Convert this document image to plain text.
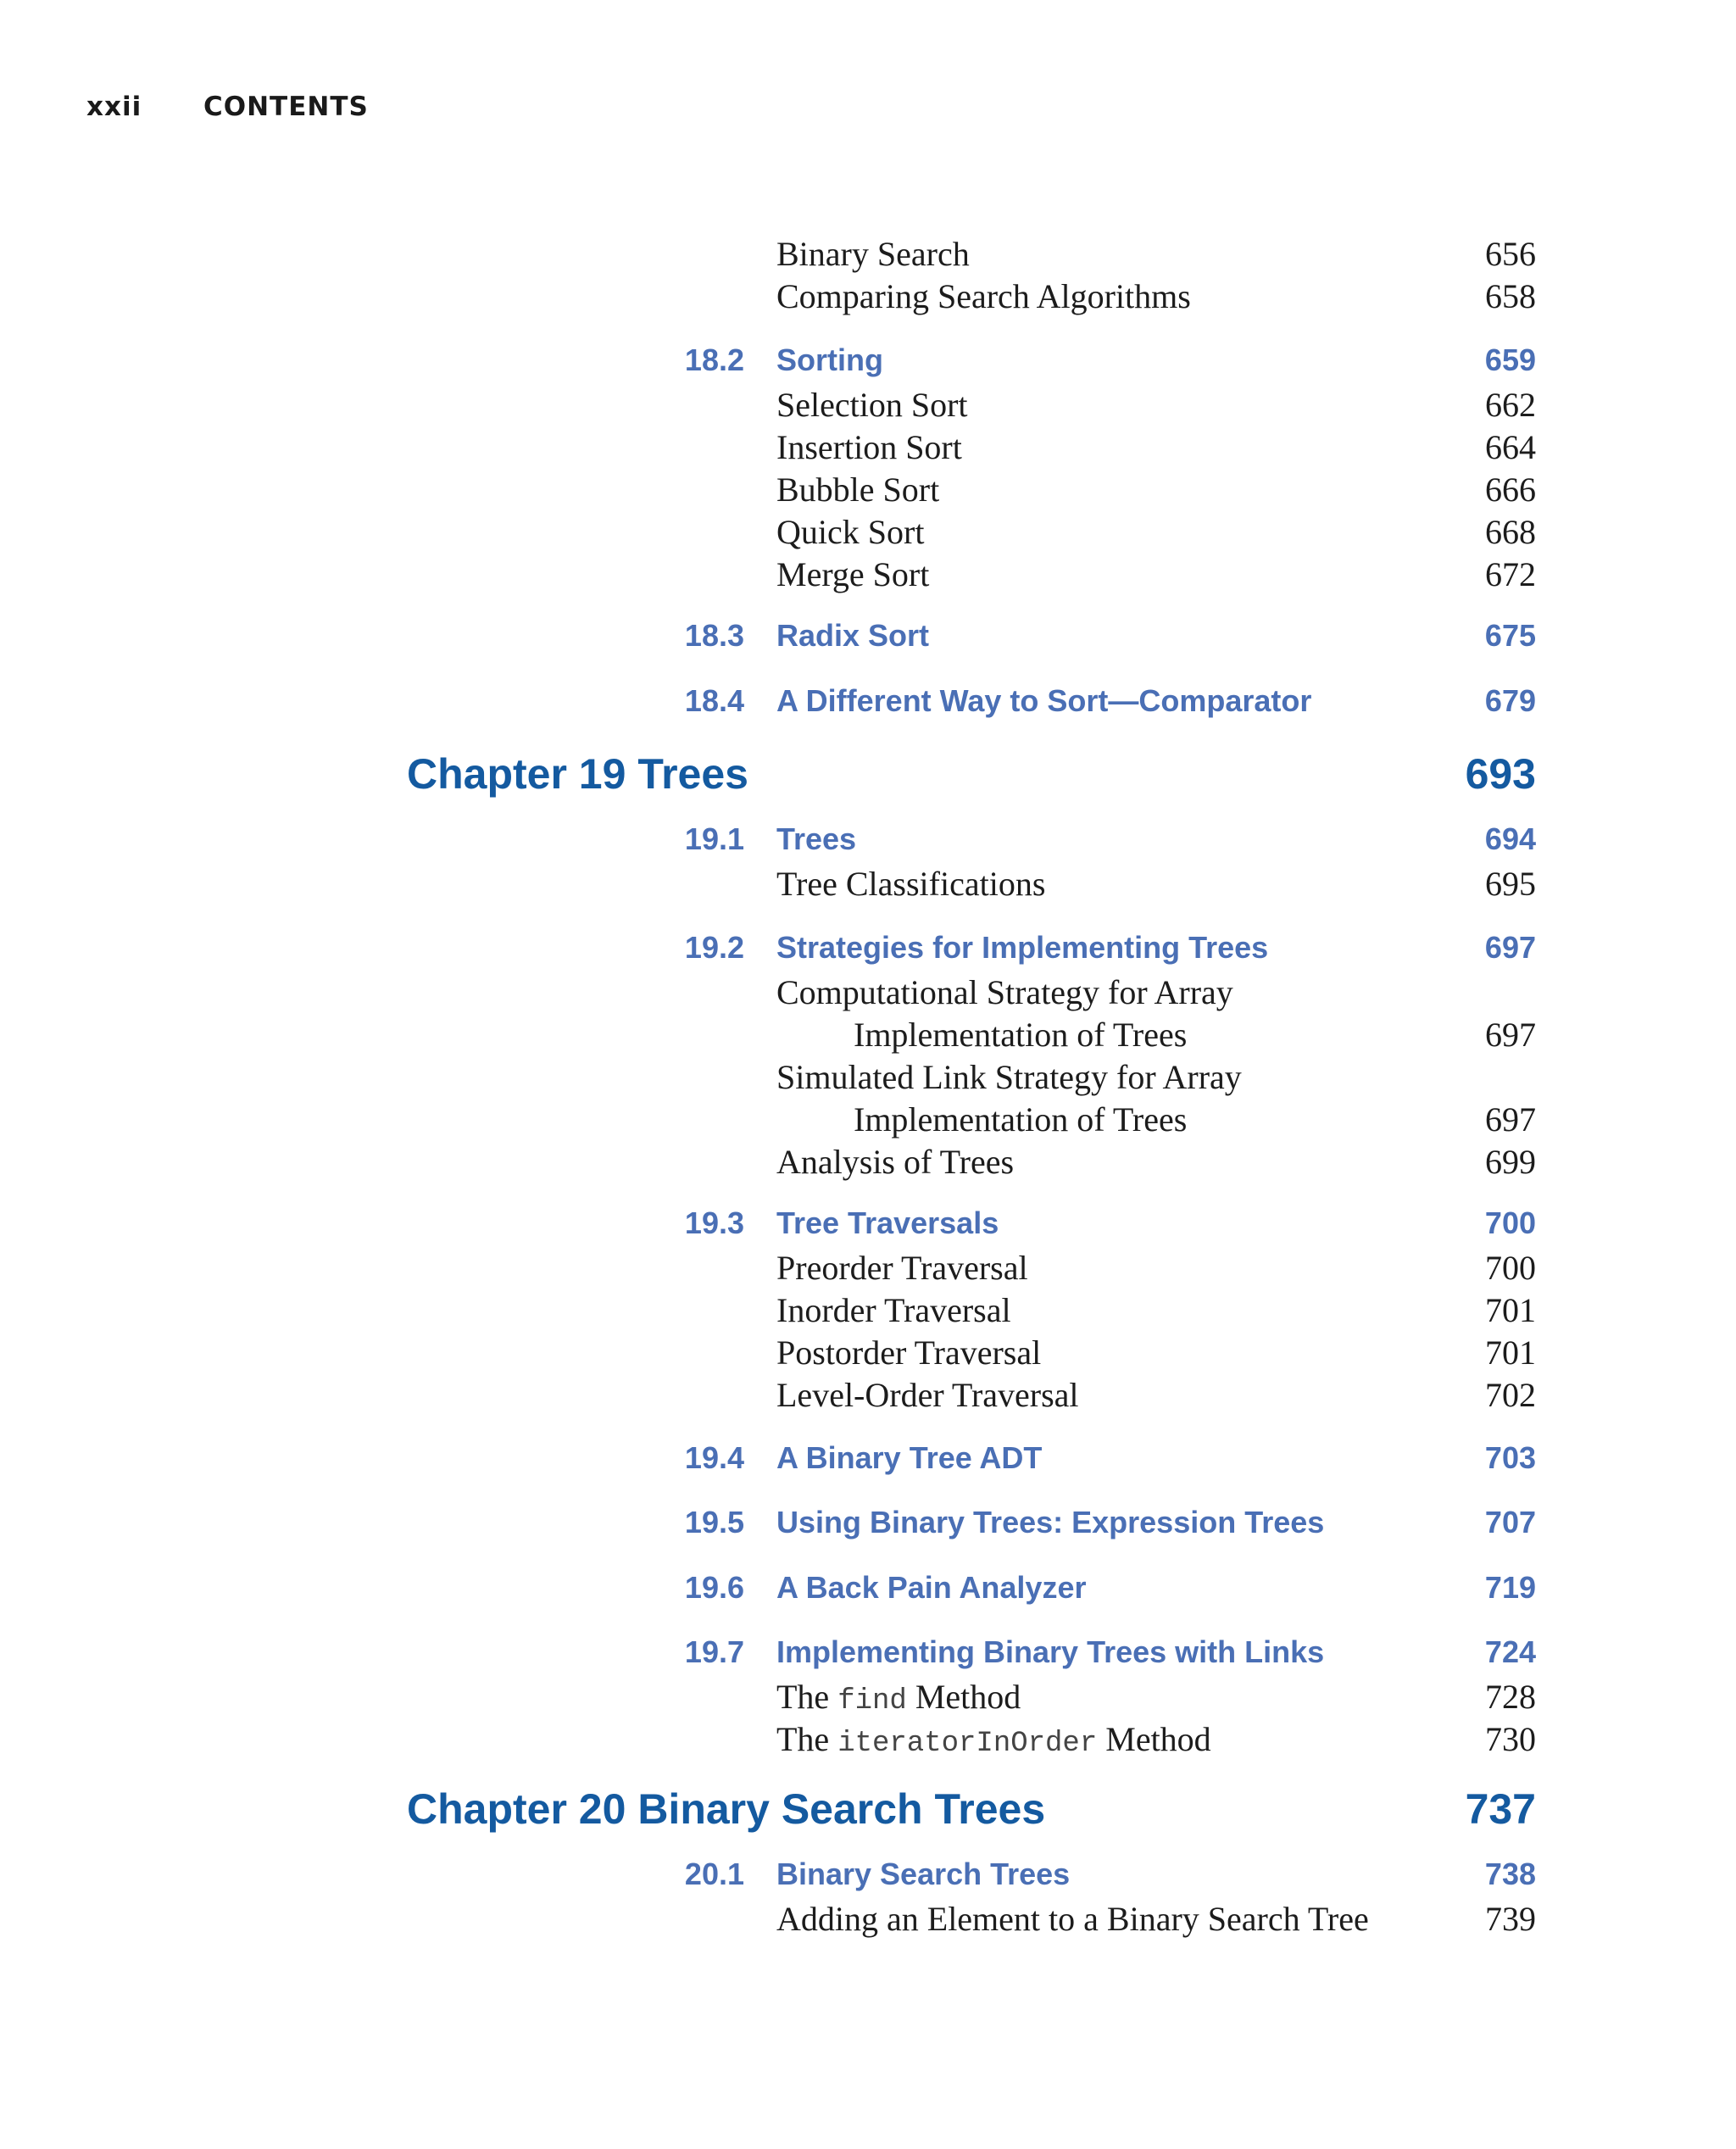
xxii CONTENTS
Binary Search	656
Comparing Search Algorithms	658
18.2 Sorting	659
Selection Sort	662
Insertion Sort	664
Bubble Sort	666
Quick Sort	668
Merge Sort	672
18.3 Radix Sort	675
18.4 A Different Way to Sort—Comparator	679
Chapter 19 Trees	693
19.1 Trees	694
Tree Classifications	695
19.2 Strategies for Implementing Trees	697
Computational Strategy for Array
Implementation of Trees	697
Simulated Link Strategy for Array
Implementation of Trees	697
Analysis of Trees	699
19.3 Tree Traversals	700
Preorder Traversal	700
Inorder Traversal	701
Postorder Traversal	701
Level-Order Traversal	702
19.4 A Binary Tree ADT	703
19.5 Using Binary Trees: Expression Trees	707
19.6 A Back Pain Analyzer	719
19.7 Implementing Binary Trees with Links	724
The find Method	728
The iteratorInOrder Method	730
Chapter 20 Binary Search Trees	737
20.1 Binary Search Trees	738
Adding an Element to a Binary Search Tree	739
